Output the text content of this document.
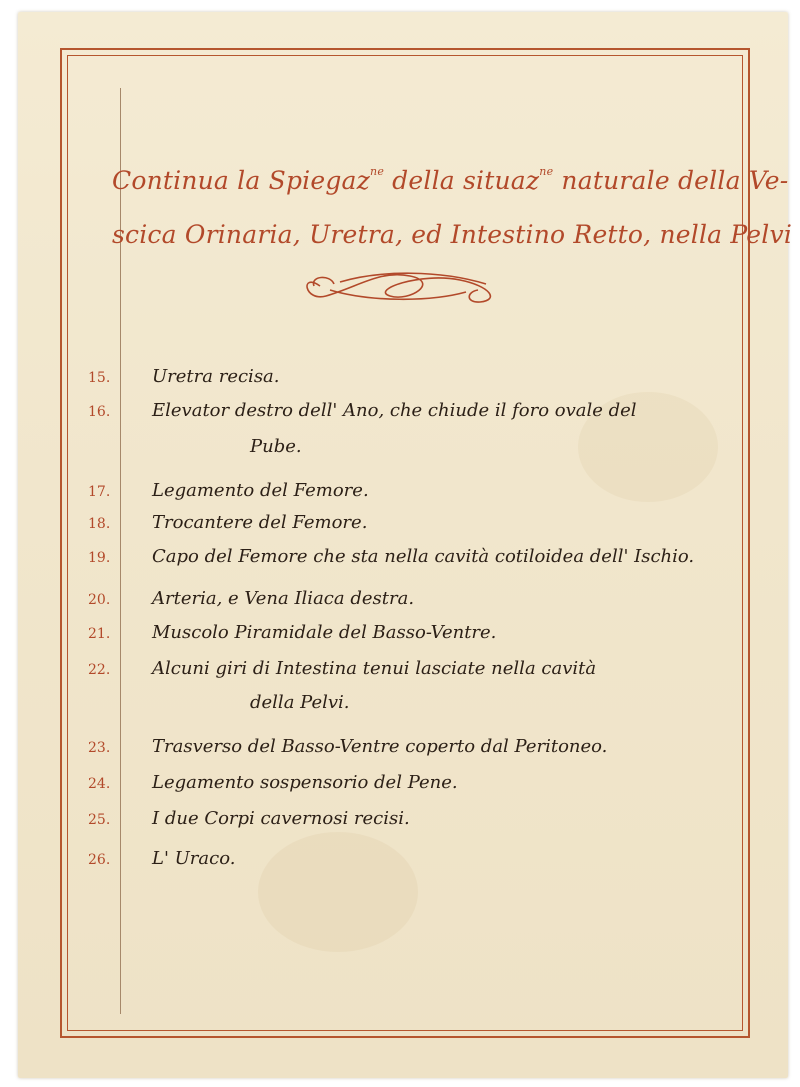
Continua la Spiegaz$^{ne}$ della situaz$^{ne}$ naturale della Ve-
scica Orinaria, Uretra, ed Intestino Retto, nella Pelvi
15. Uretra recisa.
16. Elevator destro dell' Ano, che chiude il foro ovale del
Pube.
17. Legamento del Femore.
18. Trocantere del Femore.
19. Capo del Femore che sta nella cavità cotiloidea dell' Ischio.
20. Arteria, e Vena Iliaca destra.
21. Muscolo Piramidale del Basso-Ventre.
22. Alcuni giri di Intestina tenui lasciate nella cavità
della Pelvi.
23. Trasverso del Basso-Ventre coperto dal Peritoneo.
24. Legamento sospensorio del Pene.
25. I due Corpi cavernosi recisi.
26. L' Uraco.
